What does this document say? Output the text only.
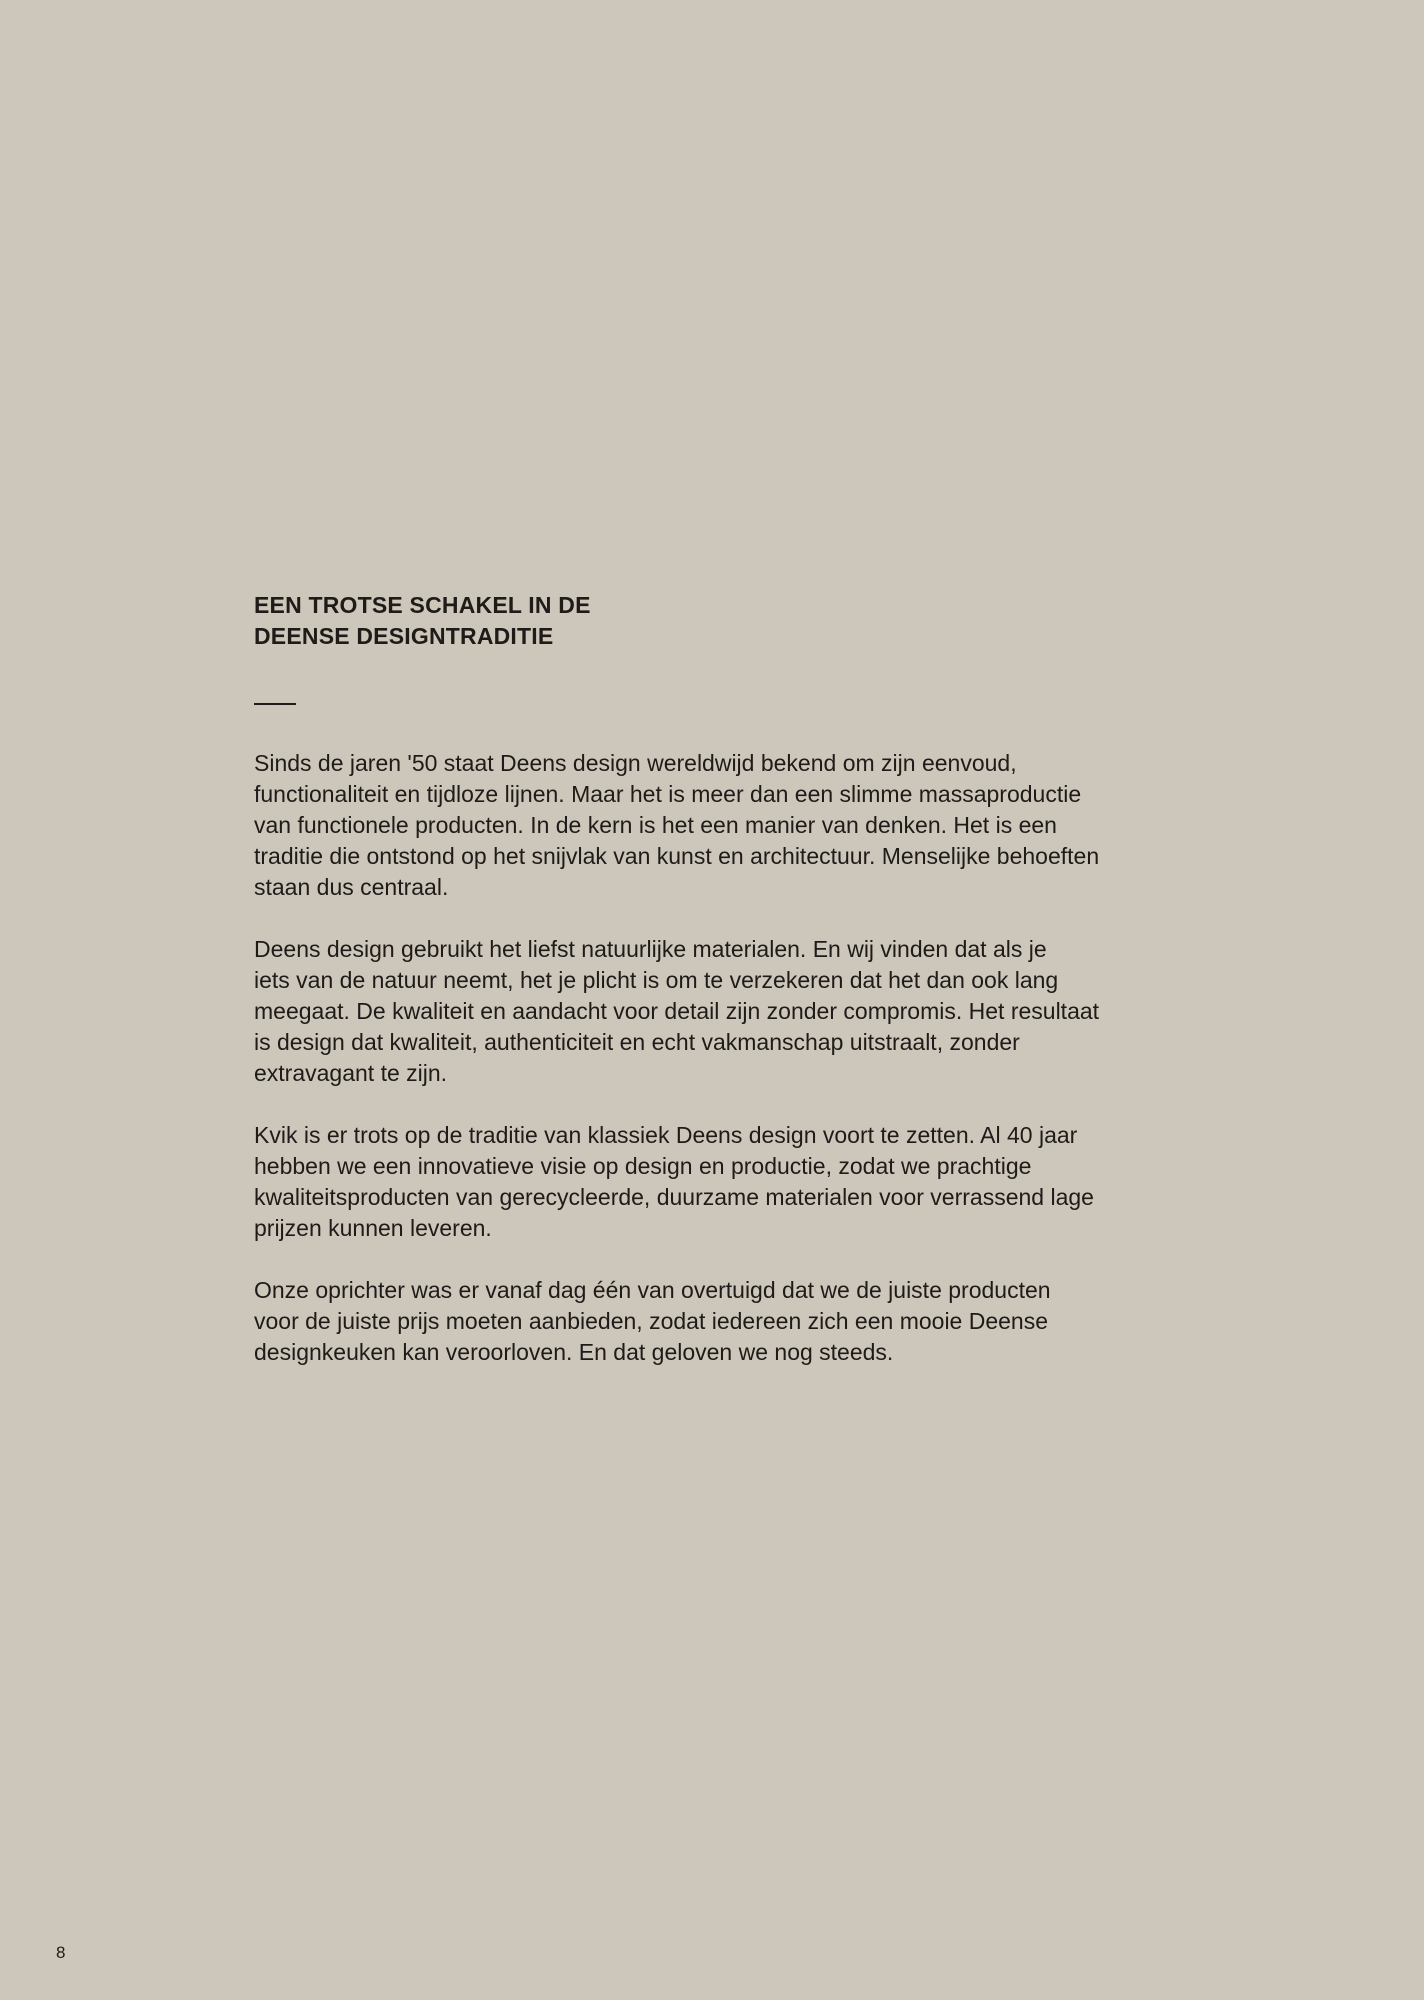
EEN TROTSE SCHAKEL IN DE
DEENSE DESIGNTRADITIE

Sinds de jaren '50 staat Deens design wereldwijd bekend om zijn eenvoud,
functionaliteit en tijdloze lijnen. Maar het is meer dan een slimme massaproductie
van functionele producten. In de kern is het een manier van denken. Het is een
traditie die ontstond op het snijvlak van kunst en architectuur. Menselijke behoeften
staan dus centraal.

Deens design gebruikt het liefst natuurlijke materialen. En wij vinden dat als je
iets van de natuur neemt, het je plicht is om te verzekeren dat het dan ook lang
meegaat. De kwaliteit en aandacht voor detail zijn zonder compromis. Het resultaat
is design dat kwaliteit, authenticiteit en echt vakmanschap uitstraalt, zonder
extravagant te zijn.

Kvik is er trots op de traditie van klassiek Deens design voort te zetten. Al 40 jaar
hebben we een innovatieve visie op design en productie, zodat we prachtige
kwaliteitsproducten van gerecycleerde, duurzame materialen voor verrassend lage
prijzen kunnen leveren.

Onze oprichter was er vanaf dag één van overtuigd dat we de juiste producten
voor de juiste prijs moeten aanbieden, zodat iedereen zich een mooie Deense
designkeuken kan veroorloven. En dat geloven we nog steeds.

8
